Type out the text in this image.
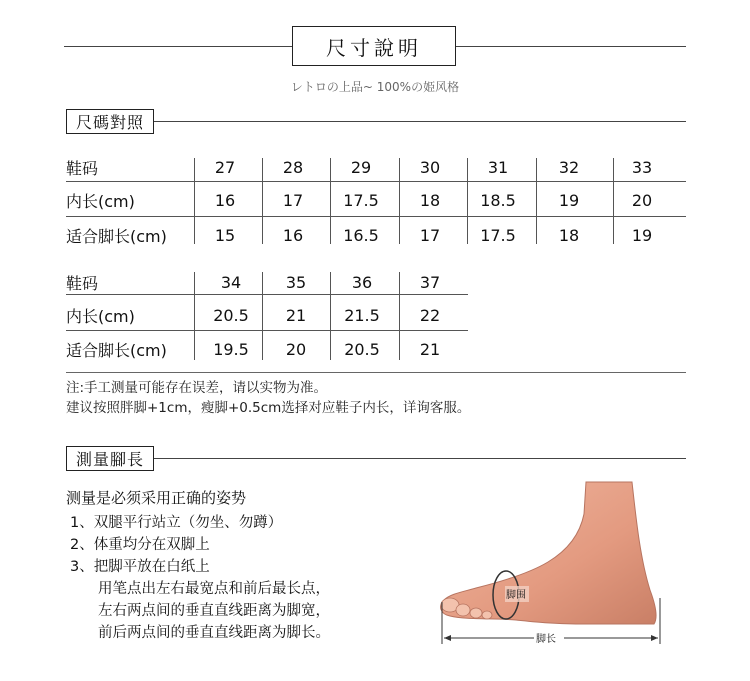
尺寸說明
レトロの上品~ 100%の姫风格
尺碼對照
鞋码	27	28	29	30	31	32	33
内长(cm)	16	17	17.5	18	18.5	19	20
适合脚长(cm)	15	16	16.5	17	17.5	18	19
鞋码	34	35	36	37
内长(cm)	20.5	21	21.5	22
适合脚长(cm)	19.5	20	20.5	21
注:手工测量可能存在误差，请以实物为准。
建议按照胖脚+1cm，瘦脚+0.5cm选择对应鞋子内长，详询客服。
測量腳長
测量是必须采用正确的姿势
1、双腿平行站立（勿坐、勿蹲）
2、体重均分在双脚上
3、把脚平放在白纸上
用笔点出左右最宽点和前后最长点，
左右两点间的垂直直线距离为脚宽，
前后两点间的垂直直线距离为脚长。
脚围
脚长
